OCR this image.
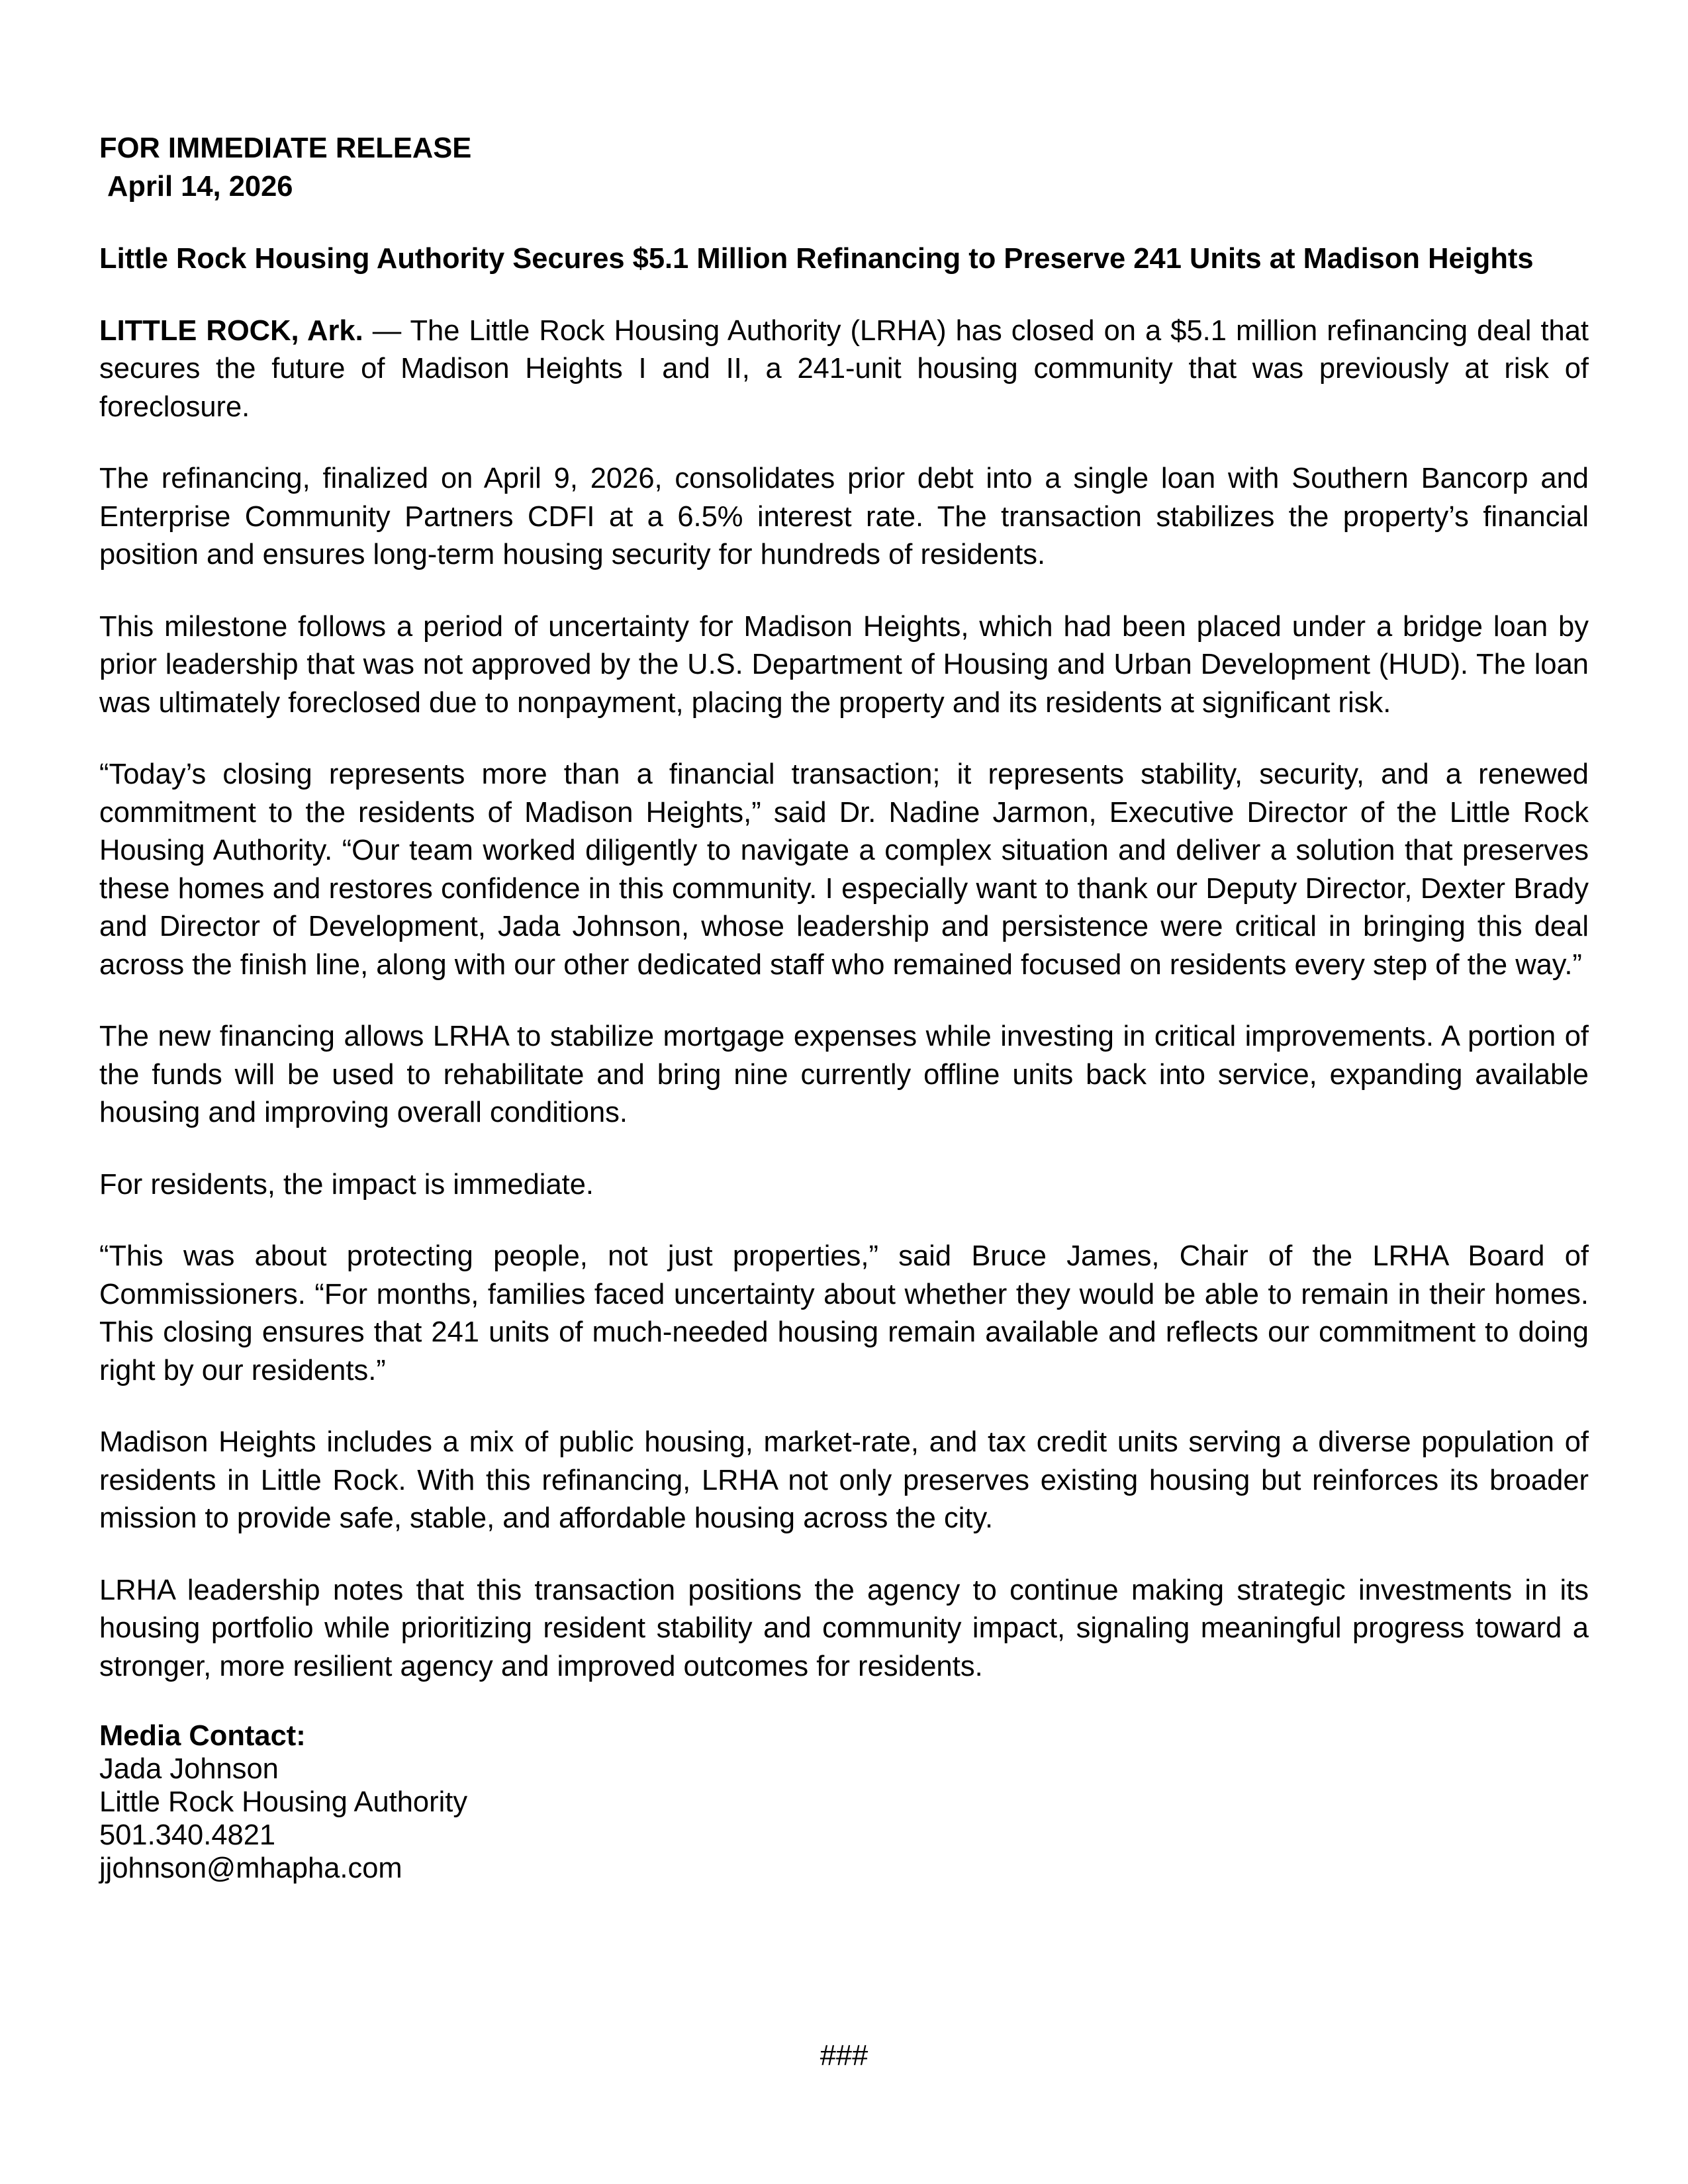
FOR IMMEDIATE RELEASE

April 14, 2026

Little Rock Housing Authority Secures $5.1 Million Refinancing to Preserve 241 Units at Madison Heights

LITTLE ROCK, Ark. — The Little Rock Housing Authority (LRHA) has closed on a $5.1 million refinancing deal that secures the future of Madison Heights I and II, a 241-unit housing community that was previously at risk of foreclosure.

The refinancing, finalized on April 9, 2026, consolidates prior debt into a single loan with Southern Bancorp and Enterprise Community Partners CDFI at a 6.5% interest rate. The transaction stabilizes the property’s financial position and ensures long-term housing security for hundreds of residents.

This milestone follows a period of uncertainty for Madison Heights, which had been placed under a bridge loan by prior leadership that was not approved by the U.S. Department of Housing and Urban Development (HUD). The loan was ultimately foreclosed due to nonpayment, placing the property and its residents at significant risk.

“Today’s closing represents more than a financial transaction; it represents stability, security, and a renewed commitment to the residents of Madison Heights,” said Dr. Nadine Jarmon, Executive Director of the Little Rock Housing Authority. “Our team worked diligently to navigate a complex situation and deliver a solution that preserves these homes and restores confidence in this community. I especially want to thank our Deputy Director, Dexter Brady and Director of Development, Jada Johnson, whose leadership and persistence were critical in bringing this deal across the finish line, along with our other dedicated staff who remained focused on residents every step of the way.”

The new financing allows LRHA to stabilize mortgage expenses while investing in critical improvements. A portion of the funds will be used to rehabilitate and bring nine currently offline units back into service, expanding available housing and improving overall conditions.

For residents, the impact is immediate.

“This was about protecting people, not just properties,” said Bruce James, Chair of the LRHA Board of Commissioners. “For months, families faced uncertainty about whether they would be able to remain in their homes. This closing ensures that 241 units of much-needed housing remain available and reflects our commitment to doing right by our residents.”

Madison Heights includes a mix of public housing, market-rate, and tax credit units serving a diverse population of residents in Little Rock. With this refinancing, LRHA not only preserves existing housing but reinforces its broader mission to provide safe, stable, and affordable housing across the city.

LRHA leadership notes that this transaction positions the agency to continue making strategic investments in its housing portfolio while prioritizing resident stability and community impact, signaling meaningful progress toward a stronger, more resilient agency and improved outcomes for residents.

Media Contact:
Jada Johnson
Little Rock Housing Authority
501.340.4821
jjohnson@mhapha.com
###
